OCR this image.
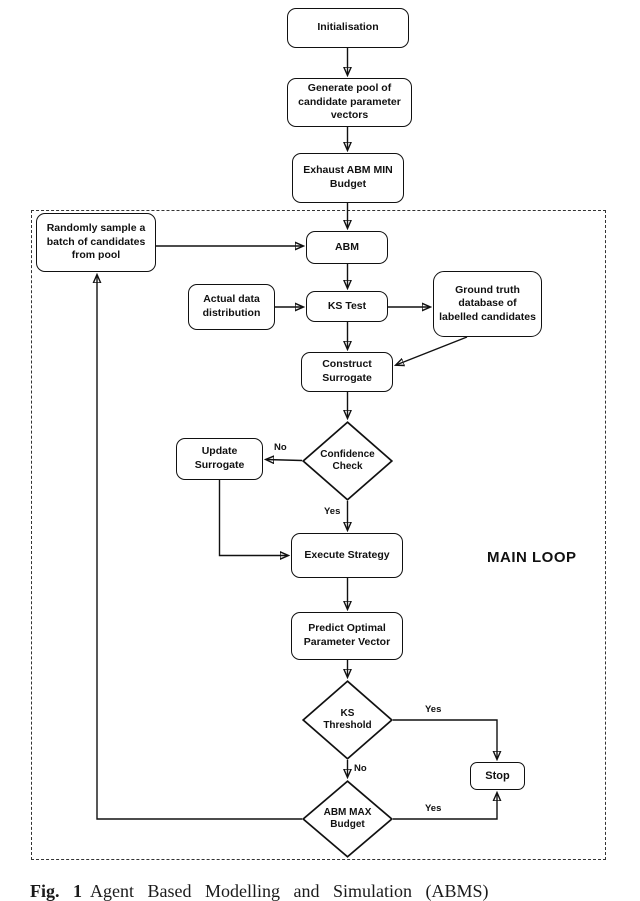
Initialisation
Generate pool of candidate parameter vectors
Exhaust ABM MIN Budget
Randomly sample a batch of candidates from pool
ABM
Actual data distribution
KS Test
Ground truth database of labelled candidates
Construct Surrogate
Update Surrogate
Execute Strategy
Predict Optimal Parameter Vector
Stop
Confidence Check
KS Threshold
ABM MAX Budget
No
Yes
Yes
No
Yes
MAIN LOOP
Fig. 1 Agent Based Modelling and Simulation (ABMS)
